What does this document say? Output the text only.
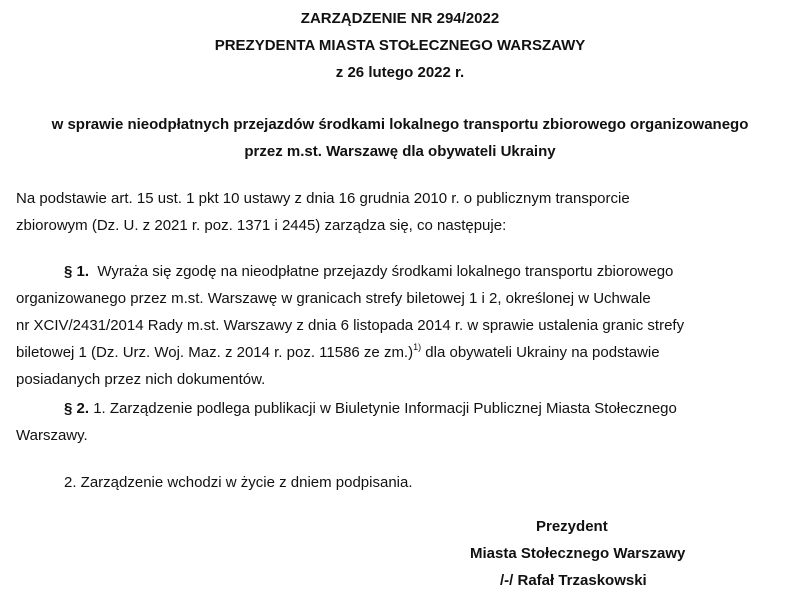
ZARZĄDZENIE NR 294/2022
PREZYDENTA MIASTA STOŁECZNEGO WARSZAWY
z 26 lutego 2022 r.
w sprawie nieodpłatnych przejazdów środkami lokalnego transportu zbiorowego organizowanego
przez m.st. Warszawę dla obywateli Ukrainy
Na podstawie art. 15 ust. 1 pkt 10 ustawy z dnia 16 grudnia 2010 r. o publicznym transporcie
zbiorowym (Dz. U. z 2021 r. poz. 1371 i 2445) zarządza się, co następuje:
§ 1. Wyraża się zgodę na nieodpłatne przejazdy środkami lokalnego transportu zbiorowego
organizowanego przez m.st. Warszawę w granicach strefy biletowej 1 i 2, określonej w Uchwale
nr XCIV/2431/2014 Rady m.st. Warszawy z dnia 6 listopada 2014 r. w sprawie ustalenia granic strefy
biletowej 1 (Dz. Urz. Woj. Maz. z 2014 r. poz. 11586 ze zm.)$^{1)}$ dla obywateli Ukrainy na podstawie
posiadanych przez nich dokumentów.
§ 2. 1. Zarządzenie podlega publikacji w Biuletynie Informacji Publicznej Miasta Stołecznego
Warszawy.
2. Zarządzenie wchodzi w życie z dniem podpisania.
Prezydent
Miasta Stołecznego Warszawy
/-/ Rafał Trzaskowski
